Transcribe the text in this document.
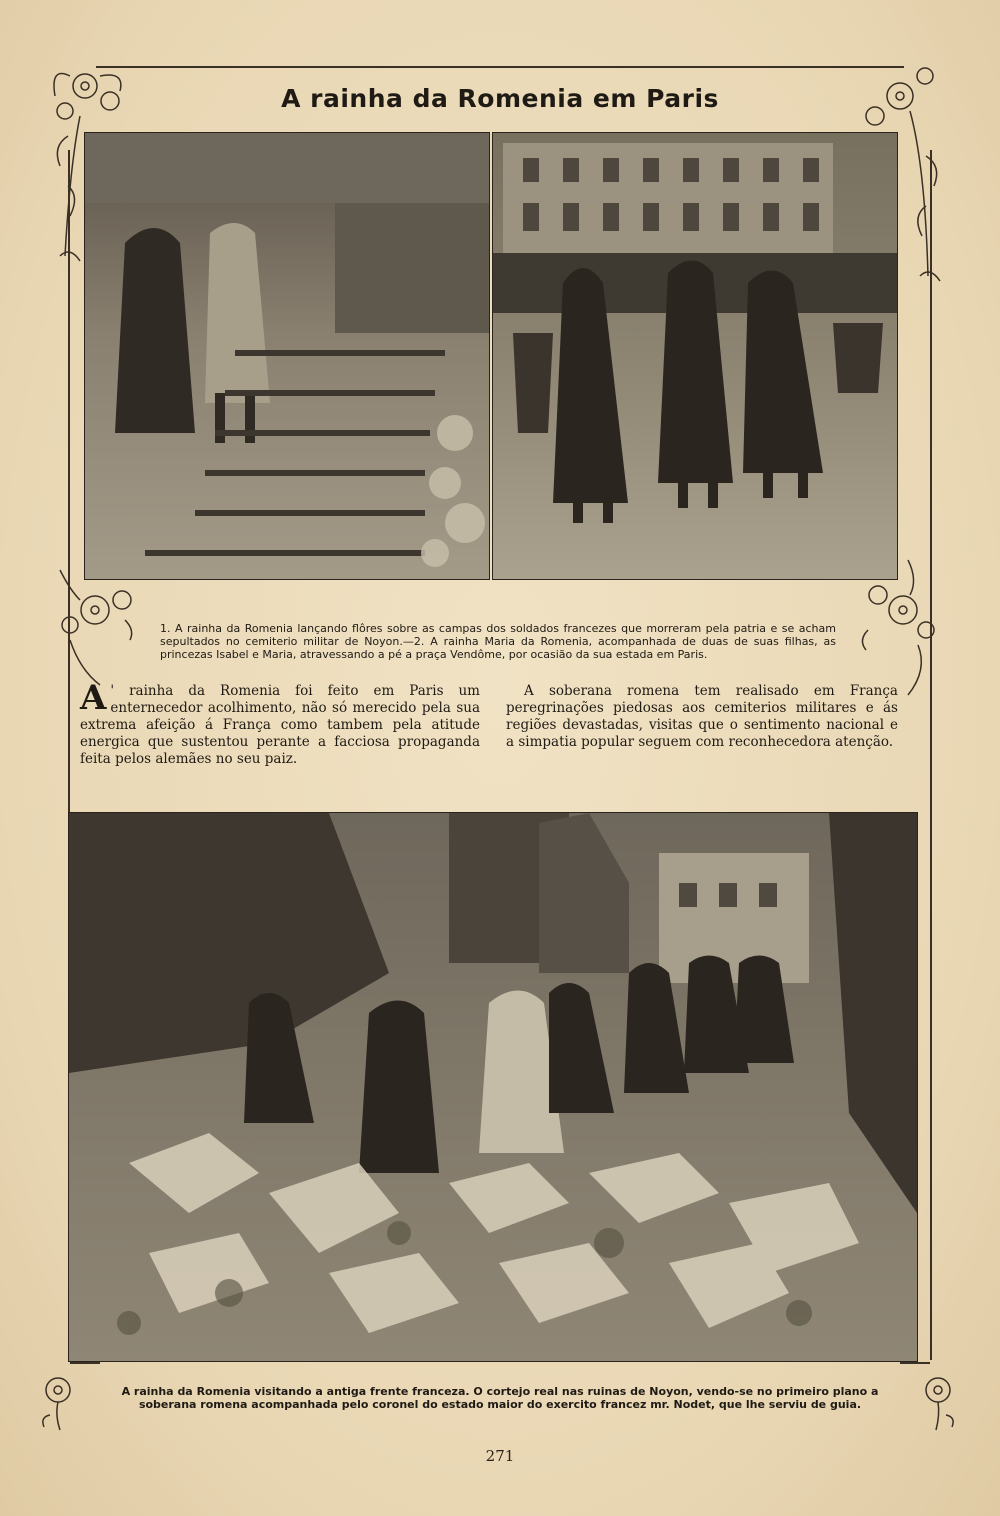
A rainha da Romenia em Paris
1. A rainha da Romenia lançando flôres sobre as campas dos soldados francezes que morreram pela patria e se acham sepultados no cemiterio militar de Noyon.—2. A rainha Maria da Romenia, acompanhada de duas de suas filhas, as princezas Isabel e Maria, atravessando a pé a praça Vendôme, por ocasião da sua estada em Paris.
A ' rainha da Romenia foi feito em Paris um enternecedor acolhimento, não só merecido pela sua extrema afeição á França como tambem pela atitude energica que sustentou perante a facciosa propaganda feita pelos alemães no seu paiz.
A soberana romena tem realisado em França peregrinações piedosas aos cemiterios militares e ás regiões devastadas, visitas que o sentimento nacional e a simpatia popular seguem com reconhecedora atenção.
A rainha da Romenia visitando a antiga frente franceza. O cortejo real nas ruinas de Noyon, vendo-se no primeiro plano a soberana romena acompanhada pelo coronel do estado maior do exercito francez mr. Nodet, que lhe serviu de guia.
271
